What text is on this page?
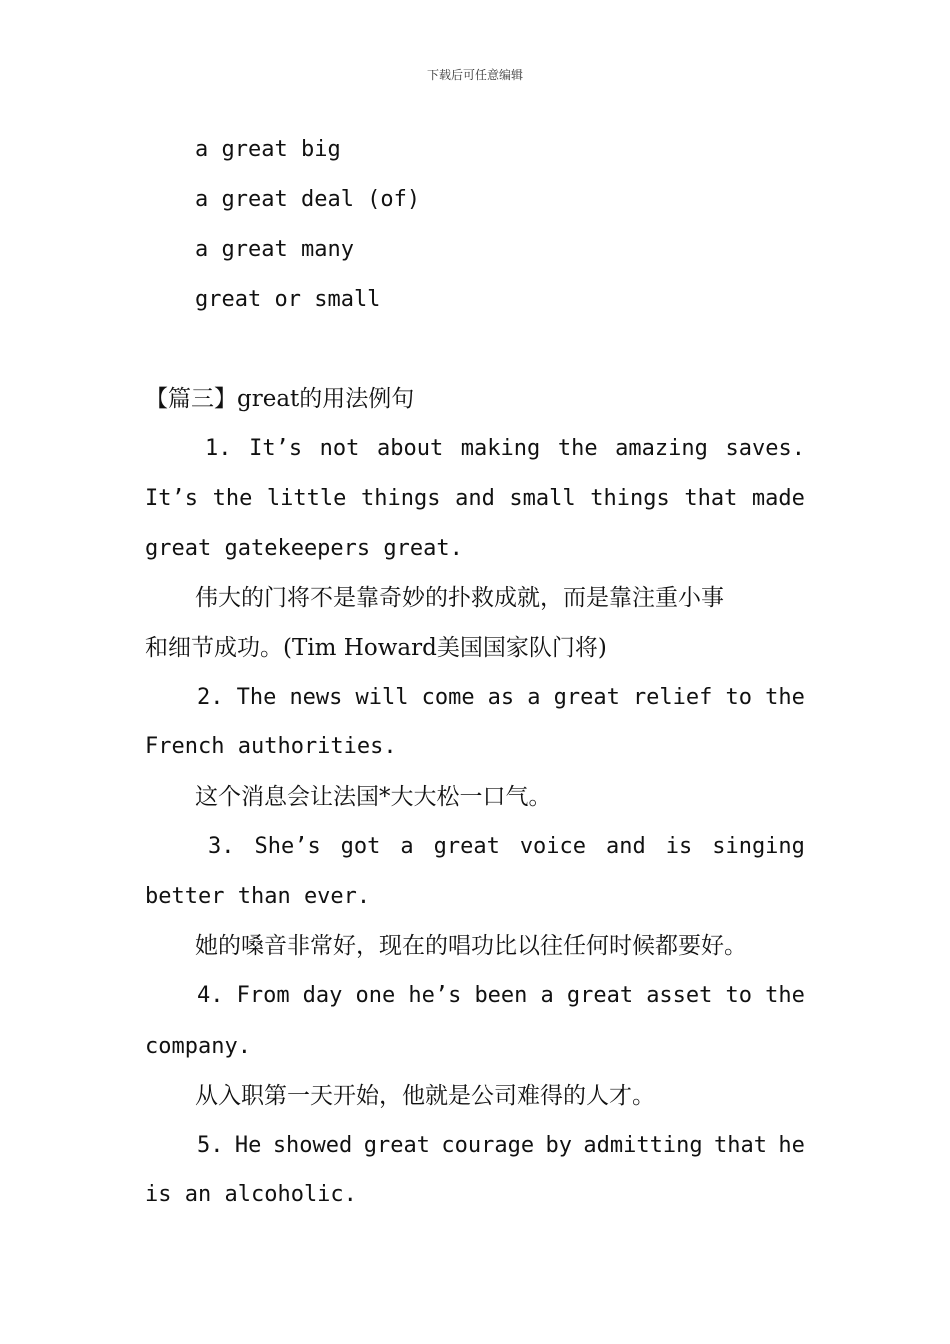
下载后可任意编辑
a great big
a great deal (of)
a great many
great or small
【篇三】great的用法例句
1. It’s not about making the amazing saves.
It’s the little things and small things that made
great gatekeepers great.
伟大的门将不是靠奇妙的扑救成就，而是靠注重小事
和细节成功。(Tim Howard美国国家队门将)
2. The news will come as a great relief to the
French authorities.
这个消息会让法国*大大松一口气。
3. She’s got a great voice and is singing
better than ever.
她的嗓音非常好，现在的唱功比以往任何时候都要好。
4. From day one he’s been a great asset to the
company.
从入职第一天开始，他就是公司难得的人才。
5. He showed great courage by admitting that he
is an alcoholic.
